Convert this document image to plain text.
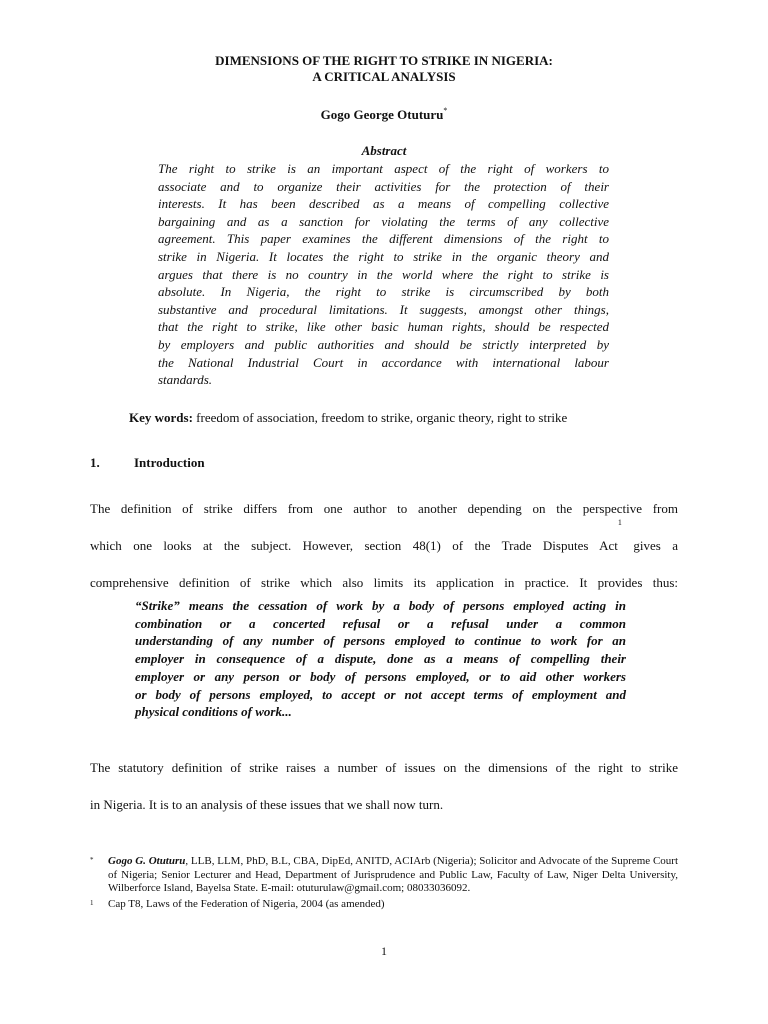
DIMENSIONS OF THE RIGHT TO STRIKE IN NIGERIA:
A CRITICAL ANALYSIS
Gogo George Otuturu*
Abstract
The right to strike is an important aspect of the right of workers to
associate and to organize their activities for the protection of their
interests. It has been described as a means of compelling collective
bargaining and as a sanction for violating the terms of any collective
agreement. This paper examines the different dimensions of the right to
strike in Nigeria. It locates the right to strike in the organic theory and
argues that there is no country in the world where the right to strike is
absolute. In Nigeria, the right to strike is circumscribed by both
substantive and procedural limitations. It suggests, amongst other things,
that the right to strike, like other basic human rights, should be respected
by employers and public authorities and should be strictly interpreted by
the National Industrial Court in accordance with international labour
standards.
Key words: freedom of association, freedom to strike, organic theory, right to strike
1.	Introduction
The definition of strike differs from one author to another depending on the perspective from
which one looks at the subject. However, section 48(1) of the Trade Disputes Act$^1$ gives a
comprehensive definition of strike which also limits its application in practice. It provides thus:
“Strike” means the cessation of work by a body of persons employed acting in
combination or a concerted refusal or a refusal under a common
understanding of any number of persons employed to continue to work for an
employer in consequence of a dispute, done as a means of compelling their
employer or any person or body of persons employed, or to aid other workers
or body of persons employed, to accept or not accept terms of employment and
physical conditions of work...
The statutory definition of strike raises a number of issues on the dimensions of the right to strike
in Nigeria. It is to an analysis of these issues that we shall now turn.
*	Gogo G. Otuturu, LLB, LLM, PhD, B.L, CBA, DipEd, ANITD, ACIArb (Nigeria); Solicitor and Advocate of the Supreme Court of Nigeria; Senior Lecturer and Head, Department of Jurisprudence and Public Law, Faculty of Law, Niger Delta University, Wilberforce Island, Bayelsa State. E-mail: otuturulaw@gmail.com; 08033036092.
1	Cap T8, Laws of the Federation of Nigeria, 2004 (as amended)
1
